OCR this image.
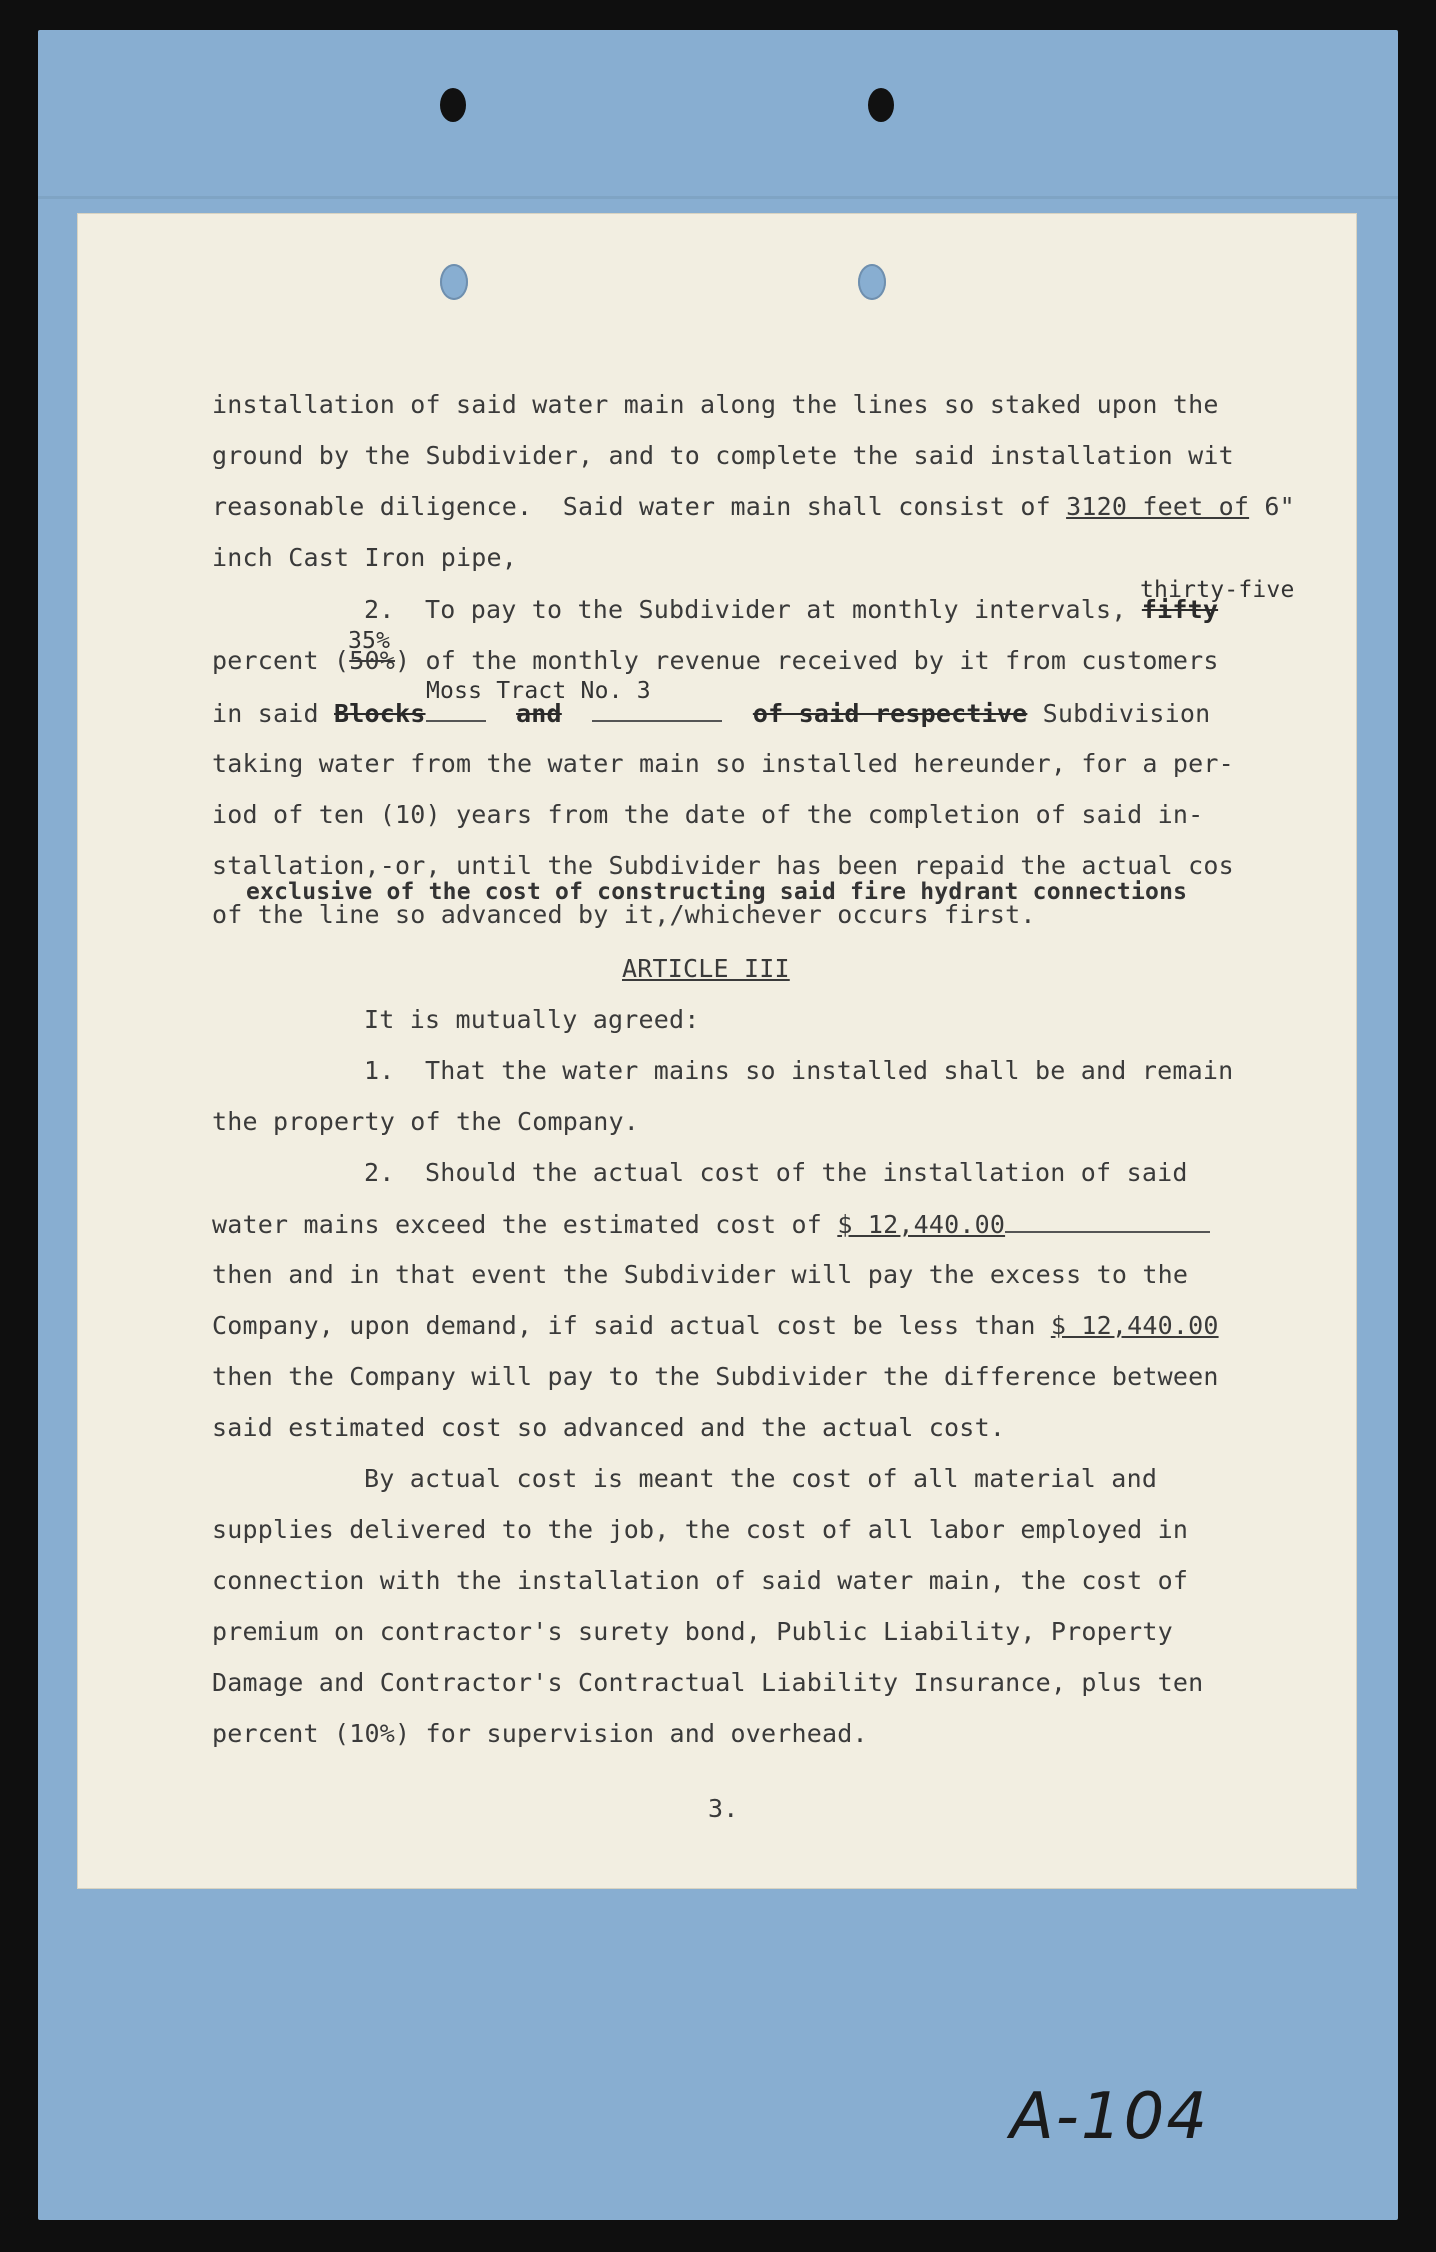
installation of said water main along the lines so staked upon the
ground by the Subdivider, and to complete the said installation wit
reasonable diligence.  Said water main shall consist of 3120 feet of 6"
inch Cast Iron pipe,
thirty-five
2.  To pay to the Subdivider at monthly intervals, fifty
35%
percent (50%) of the monthly revenue received by it from customers
Moss Tract No. 3
in said Blocks	and	of said respective Subdivision
taking water from the water main so installed hereunder, for a per-
iod of ten (10) years from the date of the completion of said in-
stallation,-or, until the Subdivider has been repaid the actual cos
exclusive of the cost of constructing said fire hydrant connections
of the line so advanced by it,/whichever occurs first.
ARTICLE III
It is mutually agreed:
1.  That the water mains so installed shall be and remain
the property of the Company.
2.  Should the actual cost of the installation of said
water mains exceed the estimated cost of $ 12,440.00
then and in that event the Subdivider will pay the excess to the
Company, upon demand, if said actual cost be less than $ 12,440.00
then the Company will pay to the Subdivider the difference between
said estimated cost so advanced and the actual cost.
By actual cost is meant the cost of all material and
supplies delivered to the job, the cost of all labor employed in
connection with the installation of said water main, the cost of
premium on contractor's surety bond, Public Liability, Property
Damage and Contractor's Contractual Liability Insurance, plus ten
percent (10%) for supervision and overhead.
3.
A-104
